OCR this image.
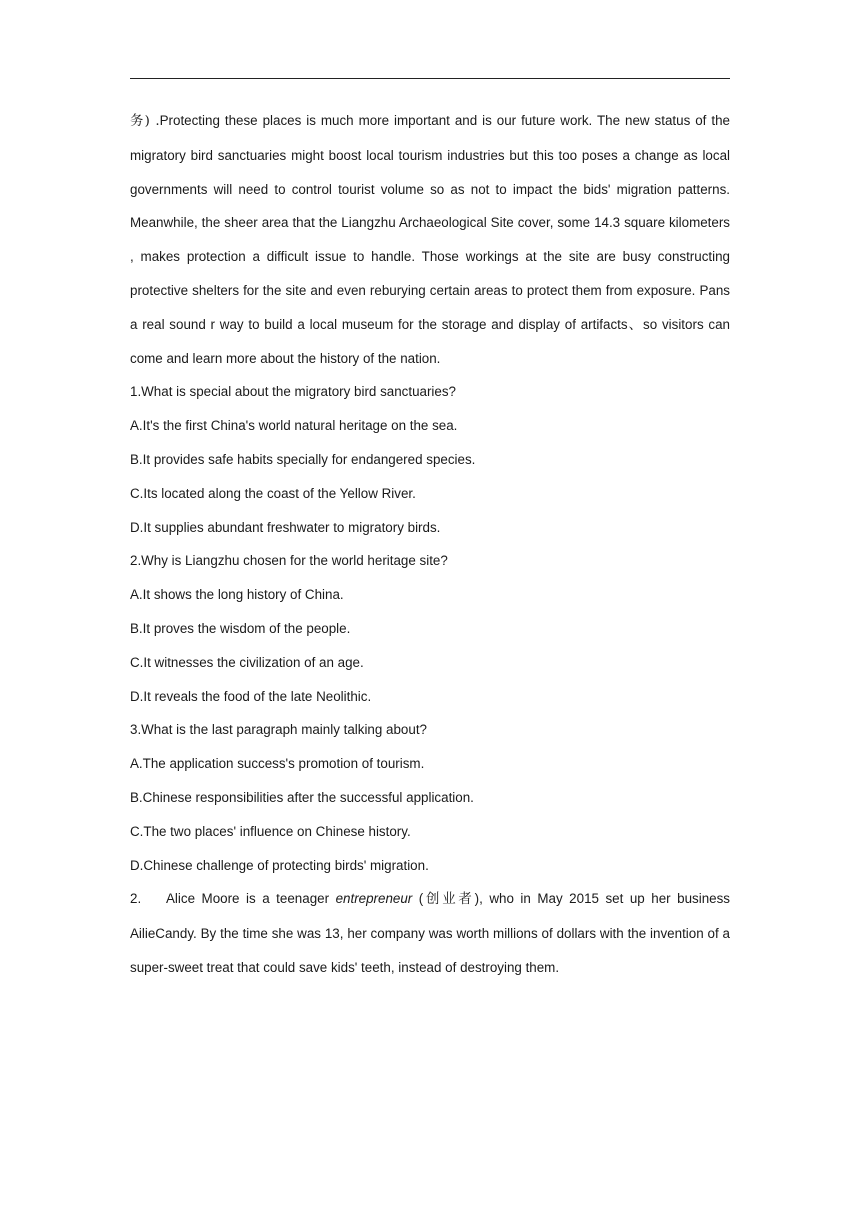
务) .Protecting these places is much more important and is our future work. The new status of the migratory bird sanctuaries might boost local tourism industries but this too poses a change as local governments will need to control tourist volume so as not to impact the bids' migration patterns. Meanwhile, the sheer area that the Liangzhu Archaeological Site cover, some 14.3 square kilometers , makes protection a difficult issue to handle. Those workings at the site are busy constructing protective shelters for the site and even reburying certain areas to protect them from exposure. Pans a real sound r way to build a local museum for the storage and display of artifacts、so visitors can come and learn more about the history of the nation.

1.What is special about the migratory bird sanctuaries?

A.It's the first China's world natural heritage on the sea.

B.It provides safe habits specially for endangered species.

C.Its located along the coast of the Yellow River.

D.It supplies abundant freshwater to migratory birds.

2.Why is Liangzhu chosen for the world heritage site?

A.It shows the long history of China.

B.It proves the wisdom of the people.

C.It witnesses the civilization of an age.

D.It reveals the food of the late Neolithic.

3.What is the last paragraph mainly talking about?

A.The application success's promotion of tourism.

B.Chinese responsibilities after the successful application.

C.The two places' influence on Chinese history.

D.Chinese challenge of protecting birds' migration.

2. Alice Moore is a teenager entrepreneur (创业者), who in May 2015 set up her business AilieCandy. By the time she was 13, her company was worth millions of dollars with the invention of a super-sweet treat that could save kids' teeth, instead of destroying them.
